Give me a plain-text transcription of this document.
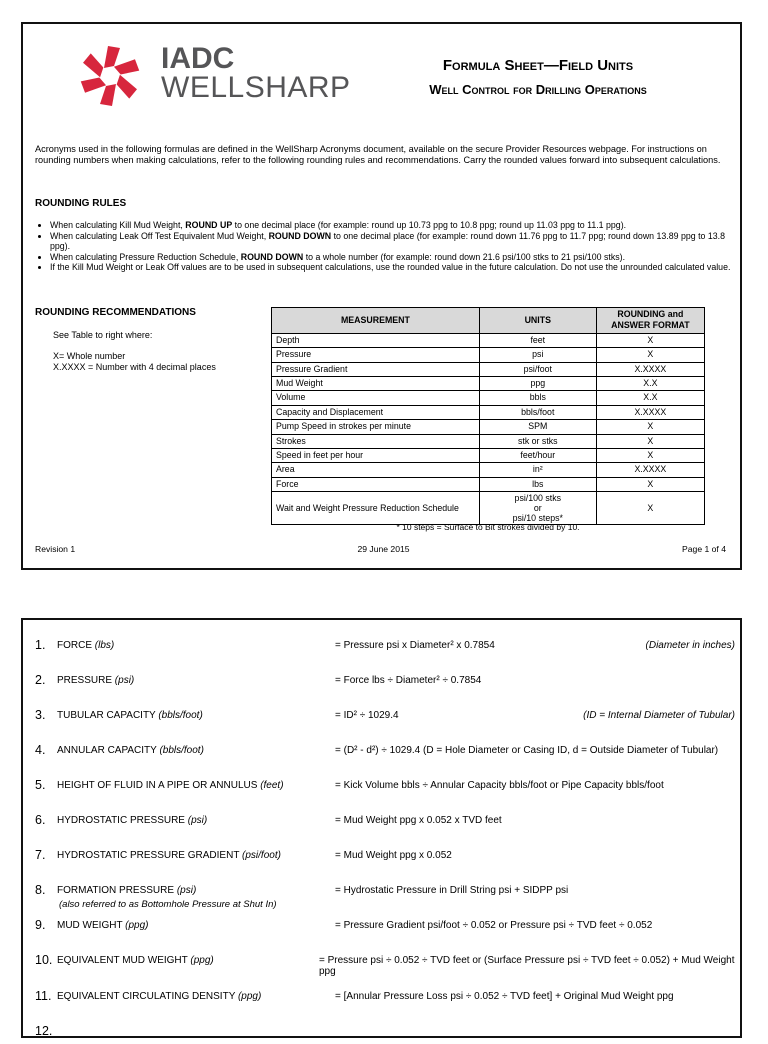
IADC
WELLSHARP
Formula Sheet—Field Units
Well Control for Drilling Operations
Acronyms used in the following formulas are defined in the WellSharp Acronyms document, available on the secure Provider Resources webpage. For instructions on rounding numbers when making calculations, refer to the following rounding rules and recommendations. Carry the rounded values forward into subsequent calculations.
ROUNDING RULES
• When calculating Kill Mud Weight, ROUND UP to one decimal place (for example: round up 10.73 ppg to 10.8 ppg; round up 11.03 ppg to 11.1 ppg).
• When calculating Leak Off Test Equivalent Mud Weight, ROUND DOWN to one decimal place (for example: round down 11.76 ppg to 11.7 ppg; round down 13.89 ppg to 13.8 ppg).
• When calculating Pressure Reduction Schedule, ROUND DOWN to a whole number (for example: round down 21.6 psi/100 stks to 21 psi/100 stks).
• If the Kill Mud Weight or Leak Off values are to be used in subsequent calculations, use the rounded value in the future calculation. Do not use the unrounded calculated value.
ROUNDING RECOMMENDATIONS
See Table to right where:
X= Whole number
X.XXXX = Number with 4 decimal places
MEASUREMENT	UNITS	ROUNDING and ANSWER FORMAT
Depth	feet	X
Pressure	psi	X
Pressure Gradient	psi/foot	X.XXXX
Mud Weight	ppg	X.X
Volume	bbls	X.X
Capacity and Displacement	bbls/foot	X.XXXX
Pump Speed in strokes per minute	SPM	X
Strokes	stk or stks	X
Speed in feet per hour	feet/hour	X
Area	in²	X.XXXX
Force	lbs	X
Wait and Weight Pressure Reduction Schedule	psi/100 stks
or
psi/10 steps*	X
* 10 steps = Surface to Bit strokes divided by 10.
Revision 1	29 June 2015	Page 1 of 4
1. FORCE (lbs)	= Pressure psi x Diameter² x 0.7854	(Diameter in inches)
2. PRESSURE (psi)	= Force lbs ÷ Diameter² ÷ 0.7854
3. TUBULAR CAPACITY (bbls/foot)	= ID² ÷ 1029.4	(ID = Internal Diameter of Tubular)
4. ANNULAR CAPACITY (bbls/foot)	= (D² - d²) ÷ 1029.4 (D = Hole Diameter or Casing ID, d = Outside Diameter of Tubular)
5. HEIGHT OF FLUID IN A PIPE OR ANNULUS (feet)	= Kick Volume bbls ÷ Annular Capacity bbls/foot or Pipe Capacity bbls/foot
6. HYDROSTATIC PRESSURE (psi)	= Mud Weight ppg x 0.052 x TVD feet
7. HYDROSTATIC PRESSURE GRADIENT (psi/foot)	= Mud Weight ppg x 0.052
8. FORMATION PRESSURE (psi)
(also referred to as Bottomhole Pressure at Shut In)
= Hydrostatic Pressure in Drill String psi + SIDPP psi
9. MUD WEIGHT (ppg)	= Pressure Gradient psi/foot ÷ 0.052 or Pressure psi ÷ TVD feet ÷ 0.052
10. EQUIVALENT MUD WEIGHT (ppg)	= Pressure psi ÷ 0.052 ÷ TVD feet or (Surface Pressure psi ÷ TVD feet ÷ 0.052) + Mud Weight ppg
11. EQUIVALENT CIRCULATING DENSITY (ppg)	= [Annular Pressure Loss psi ÷ 0.052 ÷ TVD feet] + Original Mud Weight ppg
12.
